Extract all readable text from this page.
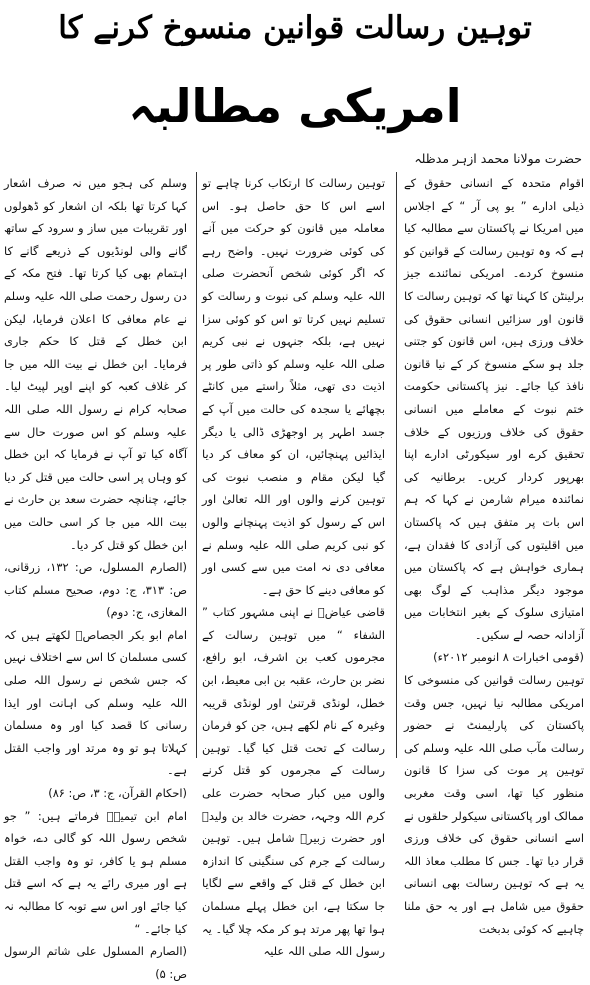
توہین رسالت قوانین منسوخ کرنے کا
امریکی مطالبہ
حضرت مولانا محمد ازہر مدظلہ

اقوام متحدہ کے انسانی حقوق کے ذیلی ادارے ” یو پی آر “ کے اجلاس میں امریکا نے پاکستان سے مطالبہ کیا ہے کہ وہ توہین رسالت کے قوانین کو منسوخ کردے۔ امریکی نمائندے جیز برلینٹن کا کہنا تھا کہ توہین رسالت کا قانون اور سزائیں انسانی حقوق کی خلاف ورزی ہیں، اس قانون کو جتنی جلد ہو سکے منسوخ کر کے نیا قانون نافذ کیا جائے۔ نیز پاکستانی حکومت ختم نبوت کے معاملے میں انسانی حقوق کی خلاف ورزیوں کے خلاف تحقیق کرے اور سیکورٹی ادارے اپنا بھرپور کردار کریں۔ برطانیہ کی نمائندہ میرام شارمن نے کہا کہ ہم اس بات پر متفق ہیں کہ پاکستان میں اقلیتوں کی آزادی کا فقدان ہے، ہماری خواہش ہے کہ پاکستان میں موجود دیگر مذاہب کے لوگ بھی امتیازی سلوک کے بغیر انتخابات میں آزادانہ حصہ لے سکیں۔

(قومی اخبارات ۸ انومبر ۲۰۱۲ء)

توہین رسالت قوانین کی منسوخی کا امریکی مطالبہ نیا نہیں، جس وقت پاکستان کی پارلیمنٹ نے حضور رسالت مآب صلی اللہ علیہ وسلم کی توہین پر موت کی سزا کا قانون منظور کیا تھا، اسی وقت مغربی ممالک اور پاکستانی سیکولر حلقوں نے اسے انسانی حقوق کی خلاف ورزی قرار دیا تھا۔ جس کا مطلب معاذ اللہ یہ ہے کہ توہین رسالت بھی انسانی حقوق میں شامل ہے اور یہ حق ملنا چاہیے کہ کوئی بدبخت

توہین رسالت کا ارتکاب کرنا چاہے تو اسے اس کا حق حاصل ہو۔ اس معاملہ میں قانون کو حرکت میں آنے کی کوئی ضرورت نہیں۔ واضح رہے کہ اگر کوئی شخص آنحضرت صلی اللہ علیہ وسلم کی نبوت و رسالت کو تسلیم نہیں کرتا تو اس کو کوئی سزا نہیں ہے، بلکہ جنہوں نے نبی کریم صلی اللہ علیہ وسلم کو ذاتی طور پر اذیت دی تھی، مثلاً راستے میں کانٹے بچھائے یا سجدہ کی حالت میں آپ کے جسد اطہر پر اوجھڑی ڈالی یا دیگر ایذائیں پہنچائیں، ان کو معاف کر دیا گیا لیکن مقام و منصب نبوت کی توہین کرنے والوں اور اللہ تعالیٰ اور اس کے رسول کو اذیت پہنچانے والوں کو نبی کریم صلی اللہ علیہ وسلم نے معافی دی نہ امت میں سے کسی اور کو معافی دینے کا حق ہے۔

قاضی عیاضؒ نے اپنی مشہور کتاب ” الشفاء “ میں توہین رسالت کے مجرموں کعب بن اشرف، ابو رافع، نضر بن حارث، عقبہ بن ابی معیط، ابن خطل، لونڈی قرتنیٰ اور لونڈی قریبہ وغیرہ کے نام لکھے ہیں، جن کو فرمان رسالت کے تحت قتل کیا گیا۔ توہین رسالت کے مجرموں کو قتل کرنے والوں میں کبار صحابہ حضرت علی کرم اللہ وجہہ، حضرت خالد بن ولیدؓ اور حضرت زبیرؓ شامل ہیں۔ توہین رسالت کے جرم کی سنگینی کا اندازہ ابن خطل کے قتل کے واقعے سے لگایا جا سکتا ہے، ابن خطل پہلے مسلمان ہوا تھا پھر مرتد ہو کر مکہ چلا گیا۔ یہ رسول اللہ صلی اللہ علیہ

وسلم کی ہجو میں نہ صرف اشعار کہا کرتا تھا بلکہ ان اشعار کو ڈھولوں اور تقریبات میں ساز و سرود کے ساتھ گانے والی لونڈیوں کے ذریعے گانے کا اہتمام بھی کیا کرتا تھا۔ فتح مکہ کے دن رسول رحمت صلی اللہ علیہ وسلم نے عام معافی کا اعلان فرمایا، لیکن ابن خطل کے قتل کا حکم جاری فرمایا۔ ابن خطل نے بیت اللہ میں جا کر غلاف کعبہ کو اپنے اوپر لپیٹ لیا۔ صحابہ کرام نے رسول اللہ صلی اللہ علیہ وسلم کو اس صورت حال سے آگاہ کیا تو آپ نے فرمایا کہ ابن خطل کو وہاں پر اسی حالت میں قتل کر دیا جائے، چنانچہ حضرت سعد بن حارث نے بیت اللہ میں جا کر اسی حالت میں ابن خطل کو قتل کر دیا۔

(الصارم المسلول، ص: ۱۳۲، زرقانی، ص: ۳۱۳، ج: دوم، صحیح مسلم کتاب المغازی، ج: دوم)

امام ابو بکر الجصاصؒ لکھتے ہیں کہ کسی مسلمان کا اس سے اختلاف نہیں کہ جس شخص نے رسول اللہ صلی اللہ علیہ وسلم کی اہانت اور ایذا رسانی کا قصد کیا اور وہ مسلمان کہلاتا ہو تو وہ مرتد اور واجب القتل ہے۔

(احکام القرآن، ج: ۳، ص: ۸۶)

امام ابن تیمیہؒ فرماتے ہیں: ” جو شخص رسول اللہ کو گالی دے، خواہ مسلم ہو یا کافر، تو وہ واجب القتل ہے اور میری رائے یہ ہے کہ اسے قتل کیا جائے اور اس سے توبہ کا مطالبہ نہ کیا جائے۔ “

(الصارم المسلول علی شاتم الرسول ص: ۵)
